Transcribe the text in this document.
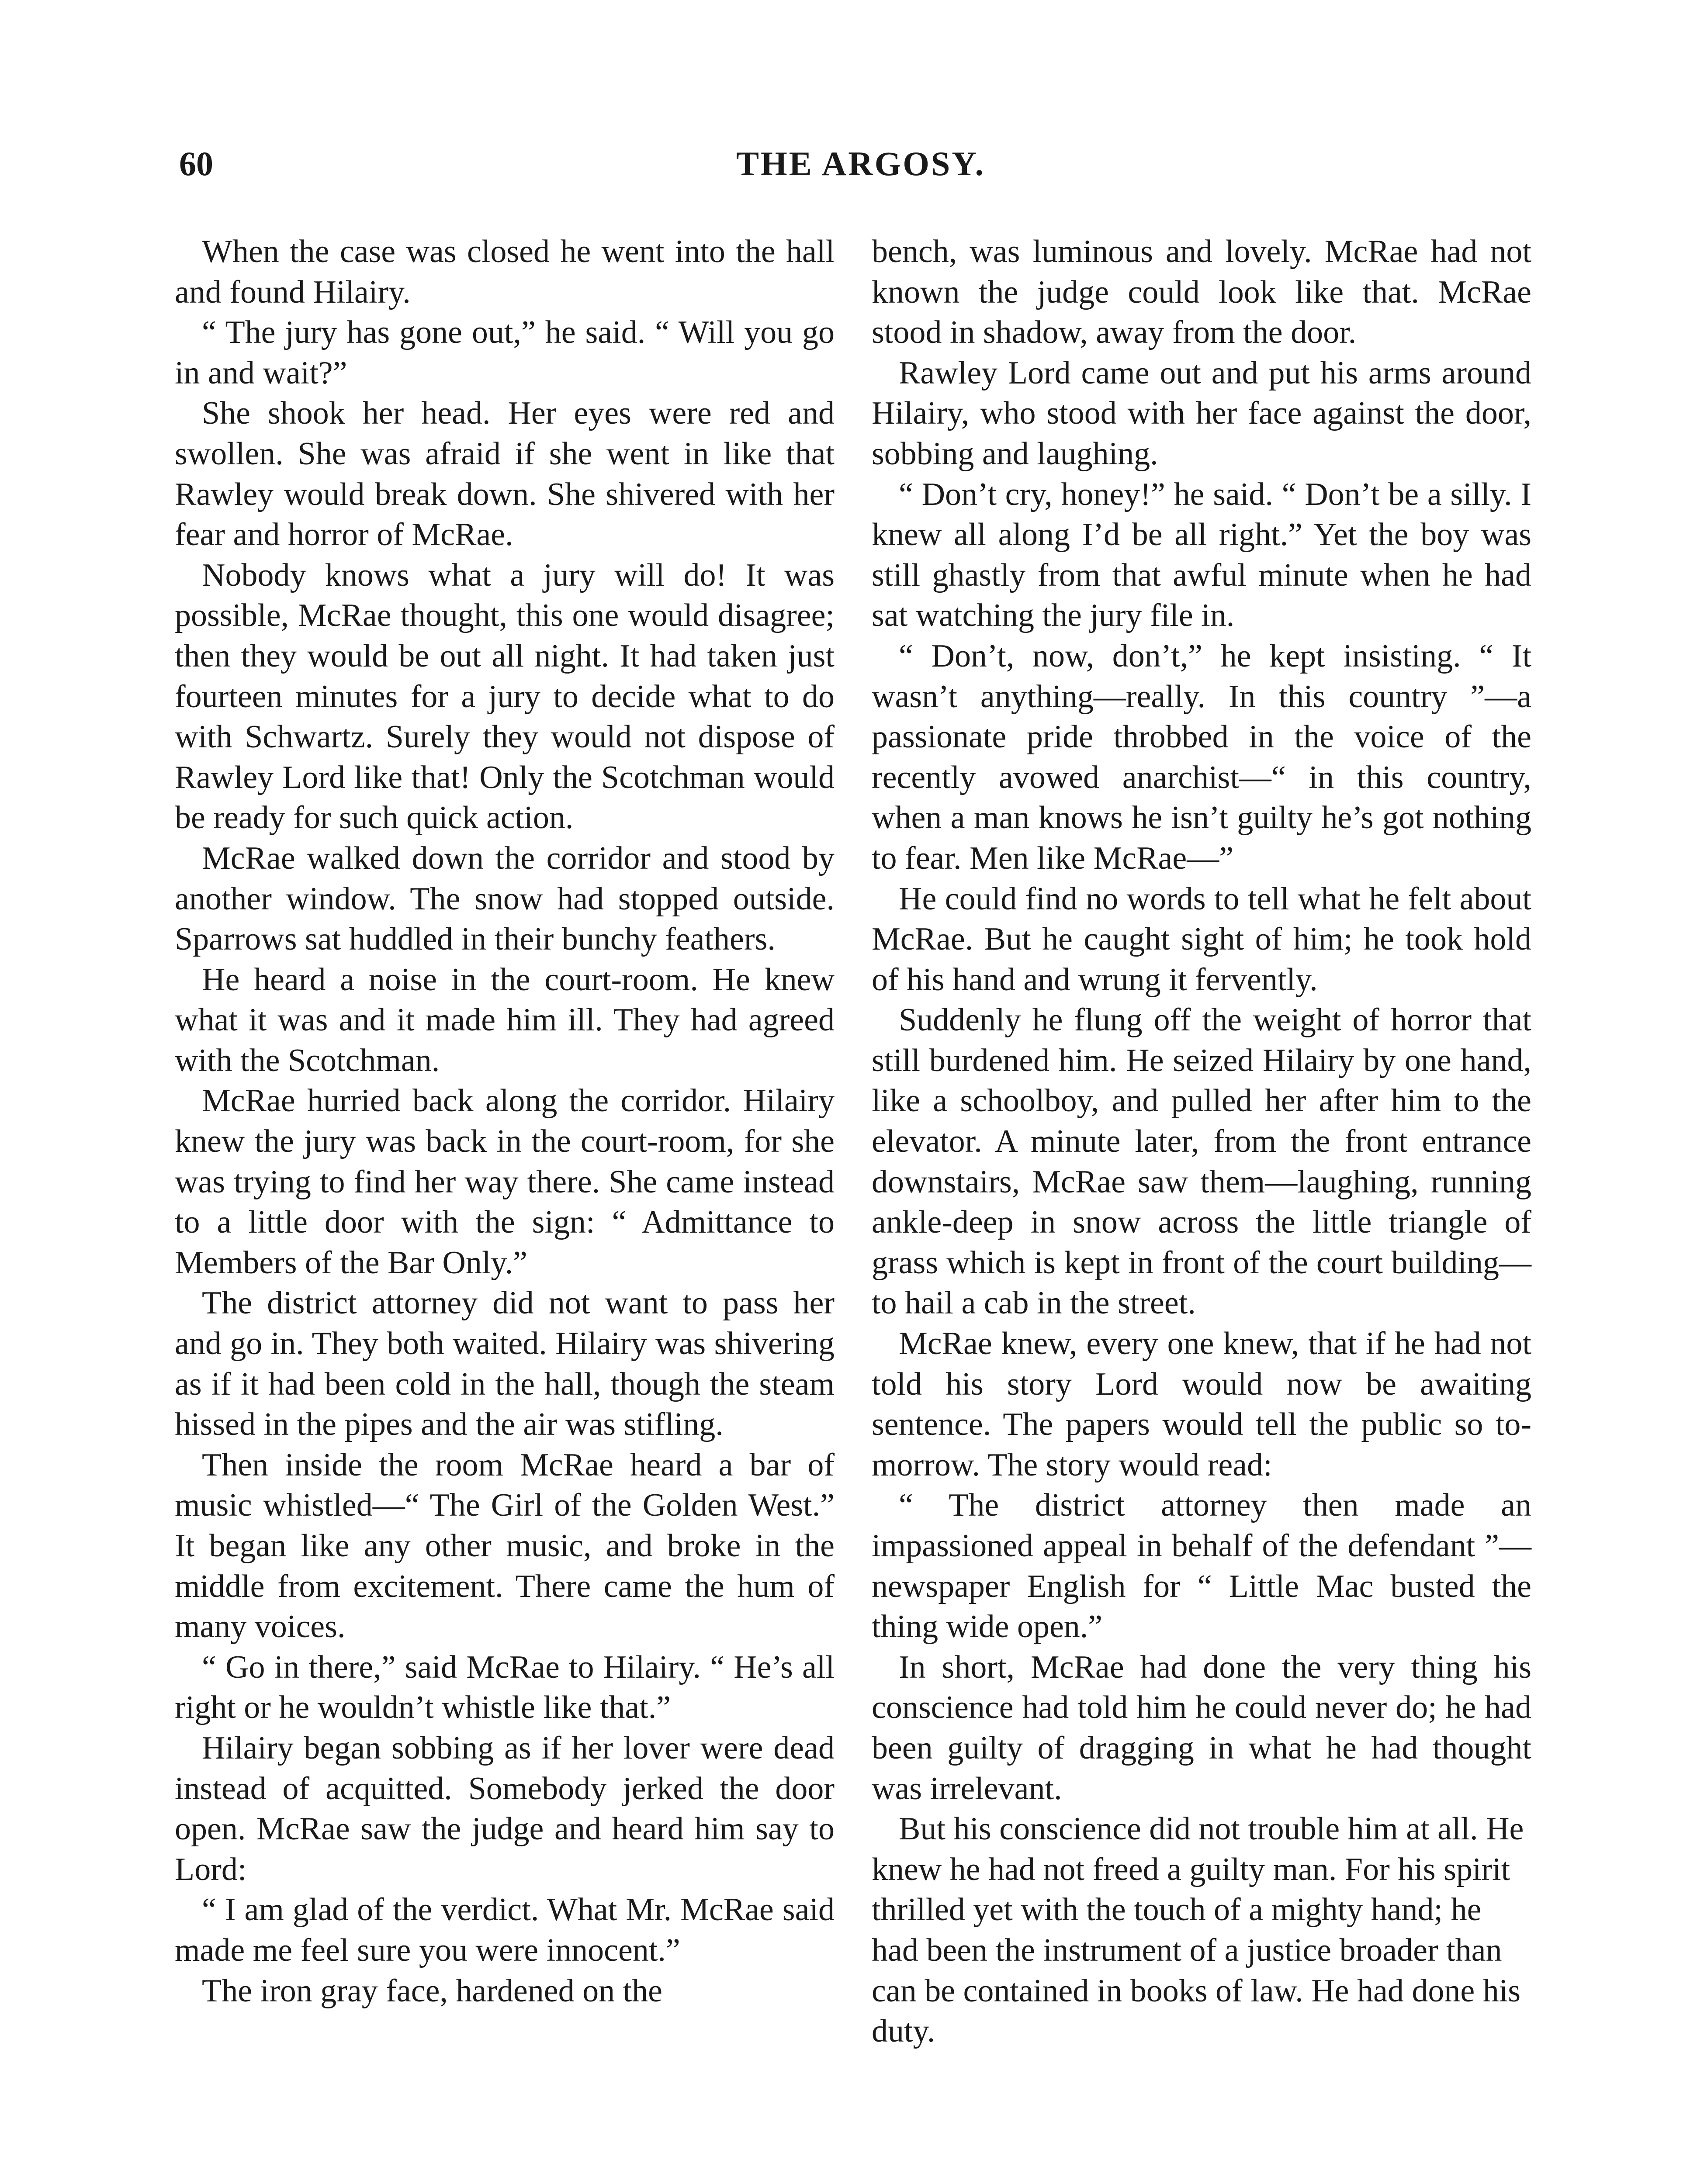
60	THE ARGOSY.

When the case was closed he went into the hall and found Hilairy.

“ The jury has gone out,” he said. “ Will you go in and wait?”

She shook her head. Her eyes were red and swollen. She was afraid if she went in like that Rawley would break down. She shivered with her fear and horror of McRae.

Nobody knows what a jury will do! It was possible, McRae thought, this one would disagree; then they would be out all night. It had taken just fourteen minutes for a jury to decide what to do with Schwartz. Surely they would not dispose of Rawley Lord like that! Only the Scotchman would be ready for such quick action.

McRae walked down the corridor and stood by another window. The snow had stopped outside. Sparrows sat huddled in their bunchy feathers.

He heard a noise in the court-room. He knew what it was and it made him ill. They had agreed with the Scotchman.

McRae hurried back along the corridor. Hilairy knew the jury was back in the court-room, for she was trying to find her way there. She came instead to a little door with the sign: “ Admittance to Members of the Bar Only.”

The district attorney did not want to pass her and go in. They both waited. Hilairy was shivering as if it had been cold in the hall, though the steam hissed in the pipes and the air was stifling.

Then inside the room McRae heard a bar of music whistled—“ The Girl of the Golden West.” It began like any other music, and broke in the middle from excitement. There came the hum of many voices.

“ Go in there,” said McRae to Hilairy. “ He’s all right or he wouldn’t whistle like that.”

Hilairy began sobbing as if her lover were dead instead of acquitted. Somebody jerked the door open. McRae saw the judge and heard him say to Lord:

“ I am glad of the verdict. What Mr. McRae said made me feel sure you were innocent.”

The iron gray face, hardened on the

bench, was luminous and lovely. McRae had not known the judge could look like that. McRae stood in shadow, away from the door.

Rawley Lord came out and put his arms around Hilairy, who stood with her face against the door, sobbing and laughing.

“ Don’t cry, honey!” he said. “ Don’t be a silly. I knew all along I’d be all right.” Yet the boy was still ghastly from that awful minute when he had sat watching the jury file in.

“ Don’t, now, don’t,” he kept insisting. “ It wasn’t anything—really. In this country ”—a passionate pride throbbed in the voice of the recently avowed anarchist—“ in this country, when a man knows he isn’t guilty he’s got nothing to fear. Men like McRae—”

He could find no words to tell what he felt about McRae. But he caught sight of him; he took hold of his hand and wrung it fervently.

Suddenly he flung off the weight of horror that still burdened him. He seized Hilairy by one hand, like a schoolboy, and pulled her after him to the elevator. A minute later, from the front entrance downstairs, McRae saw them—laughing, running ankle-deep in snow across the little triangle of grass which is kept in front of the court building—to hail a cab in the street.

McRae knew, every one knew, that if he had not told his story Lord would now be awaiting sentence. The papers would tell the public so to-morrow. The story would read:

“ The district attorney then made an impassioned appeal in behalf of the defendant ”—newspaper English for “ Little Mac busted the thing wide open.”

In short, McRae had done the very thing his conscience had told him he could never do; he had been guilty of dragging in what he had thought was irrelevant.

But his conscience did not trouble him at all. He knew he had not freed a guilty man. For his spirit thrilled yet with the touch of a mighty hand; he had been the instrument of a justice broader than can be contained in books of law. He had done his duty.
